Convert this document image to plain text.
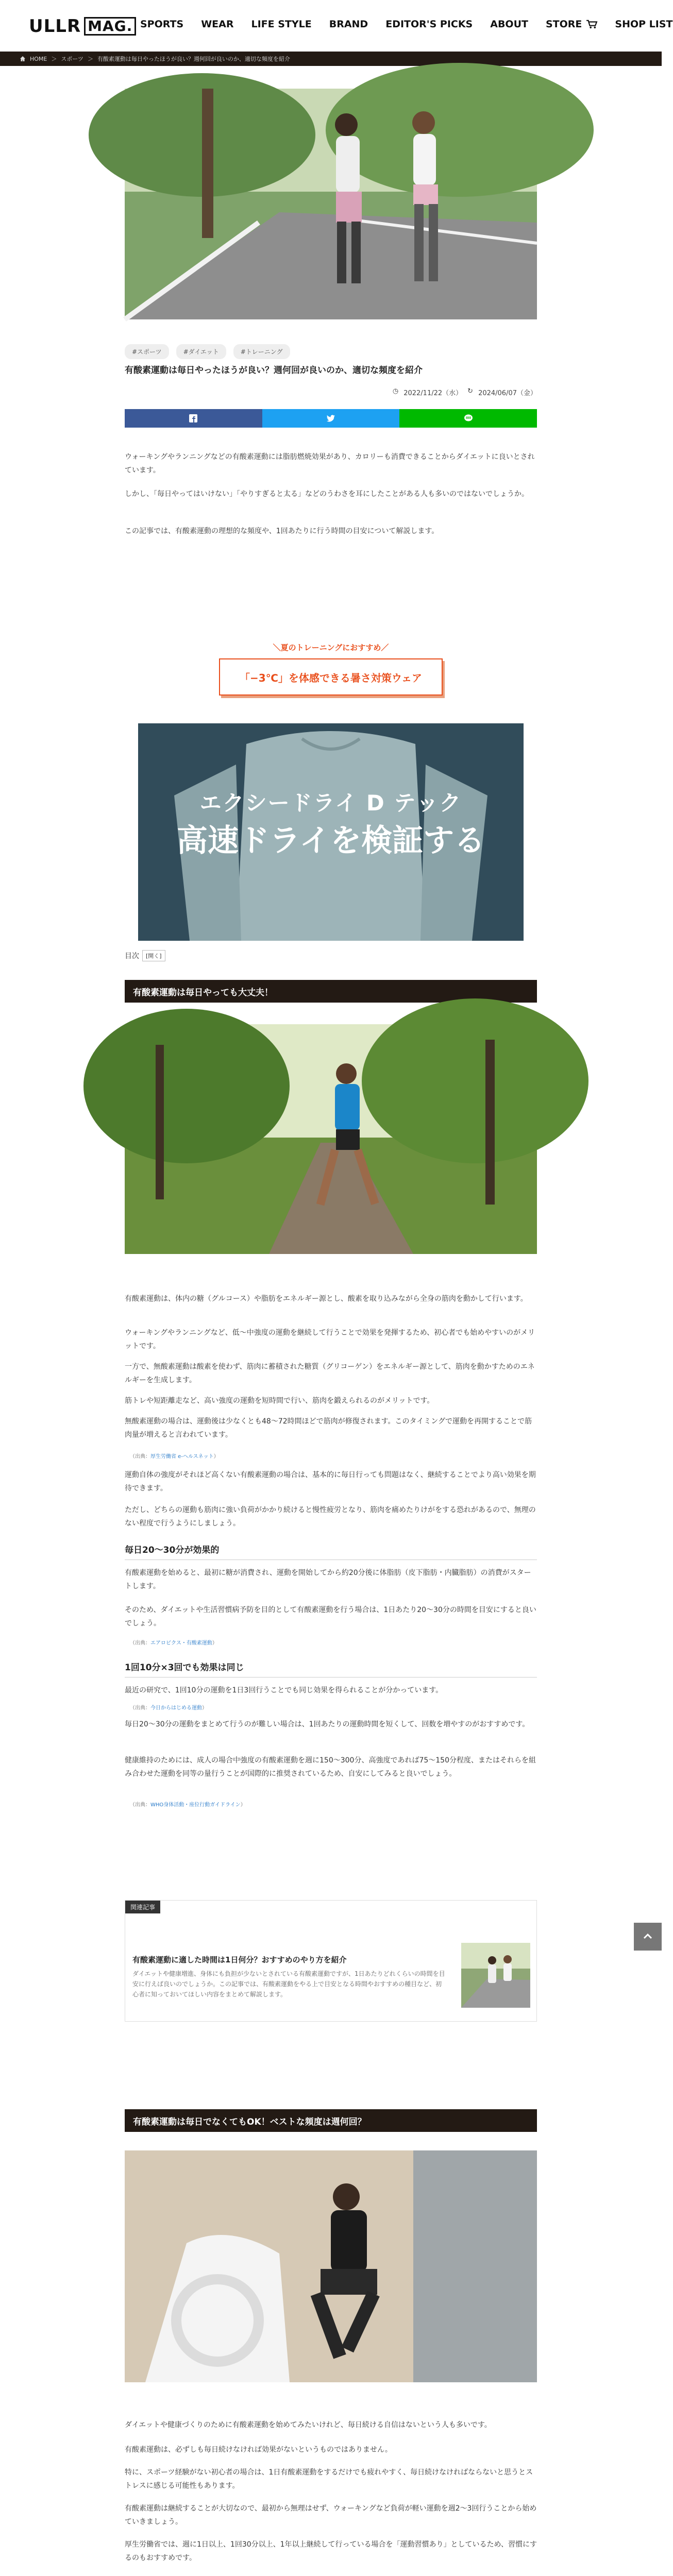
ULLR MAG. SPORTS WEAR LIFE STYLE BRAND EDITOR'S PICKS ABOUT STORE	SHOP LIST
HOME ＞ スポーツ ＞ 有酸素運動は毎日やったほうが良い？週何回が良いのか、適切な頻度を紹介
#スポーツ	#ダイエット	#トレーニング
有酸素運動は毎日やったほうが良い？週何回が良いのか、適切な頻度を紹介
◷ 2022/11/22（水） ↻ 2024/06/07（金）

ウォーキングやランニングなどの有酸素運動には脂肪燃焼効果があり、カロリーも消費できることからダイエットに良いとされています。

しかし、「毎日やってはいけない」「やりすぎると太る」などのうわさを耳にしたことがある人も多いのではないでしょうか。

この記事では、有酸素運動の理想的な頻度や、1回あたりに行う時間の目安について解説します。

＼夏のトレーニングにおすすめ／
「−3℃」を体感できる暑さ対策ウェア
エクシードライ D テック
高速ドライを検証する
目次	[開く]
有酸素運動は毎日やっても大丈夫！

有酸素運動は、体内の糖（グルコース）や脂肪をエネルギー源とし、酸素を取り込みながら全身の筋肉を動かして行います。

ウォーキングやランニングなど、低〜中強度の運動を継続して行うことで効果を発揮するため、初心者でも始めやすいのがメリットです。

一方で、無酸素運動は酸素を使わず、筋肉に蓄積された糖質（グリコーゲン）をエネルギー源として、筋肉を動かすためのエネルギーを生成します。

筋トレや短距離走など、高い強度の運動を短時間で行い、筋肉を鍛えられるのがメリットです。

無酸素運動の場合は、運動後は少なくとも48〜72時間ほどで筋肉が修復されます。このタイミングで運動を再開することで筋肉量が増えると言われています。

（出典：厚生労働省 e-ヘルスネット）

運動自体の強度がそれほど高くない有酸素運動の場合は、基本的に毎日行っても問題はなく、継続することでより高い効果を期待できます。

ただし、どちらの運動も筋肉に強い負荷がかかり続けると慢性疲労となり、筋肉を痛めたりけがをする恐れがあるので、無理のない程度で行うようにしましょう。

毎日20〜30分が効果的

有酸素運動を始めると、最初に糖が消費され、運動を開始してから約20分後に体脂肪（皮下脂肪・内臓脂肪）の消費がスタートします。

そのため、ダイエットや生活習慣病予防を目的として有酸素運動を行う場合は、1日あたり20〜30分の時間を目安にすると良いでしょう。

（出典：エアロビクス・有酸素運動）
1回10分×3回でも効果は同じ

最近の研究で、1回10分の運動を1日3回行うことでも同じ効果を得られることが分かっています。

（出典：今日からはじめる運動）

毎日20〜30分の運動をまとめて行うのが難しい場合は、1回あたりの運動時間を短くして、回数を増やすのがおすすめです。

健康維持のためには、成人の場合中強度の有酸素運動を週に150〜300分、高強度であれば75〜150分程度、またはそれらを組み合わせた運動を同等の量行うことが国際的に推奨されているため、自安にしてみると良いでしょう。

（出典：WHO身体活動・座位行動ガイドライン）
関連記事
有酸素運動に適した時間は1日何分？おすすめのやり方を紹介
ダイエットや健康増進、身体にも負担が少ないとされている有酸素運動ですが、1日あたりどれくらいの時間を目安に行えば良いのでしょうか。この記事では、有酸素運動をやる上で目安となる時間やおすすめの種目など、初心者に知っておいてほしい内容をまとめて解説します。
有酸素運動は毎日でなくてもOK！ベストな頻度は週何回？

ダイエットや健康づくりのために有酸素運動を始めてみたいけれど、毎日続ける自信はないという人も多いです。

有酸素運動は、必ずしも毎日続けなければ効果がないというものではありません。

特に、スポーツ経験がない初心者の場合は、1日有酸素運動をするだけでも疲れやすく、毎日続けなければならないと思うとストレスに感じる可能性もあります。

有酸素運動は継続することが大切なので、最初から無理はせず、ウォーキングなど負荷が軽い運動を週2〜3回行うことから始めていきましょう。

厚生労働省では、週に1日以上、1回30分以上、1年以上継続して行っている場合を「運動習慣あり」としているため、習慣にするのもおすすめです。
